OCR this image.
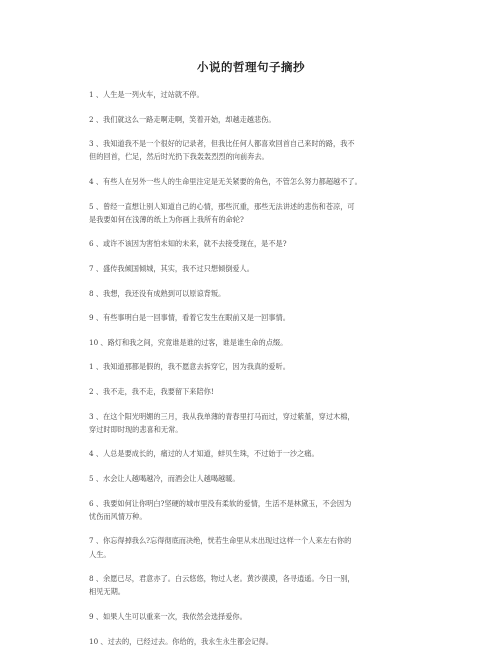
小说的哲理句子摘抄
1 、人生是一列火车，过站就不停。
2 、我们就这么一路走啊走啊，笑着开始，却越走越悲伤。
3 、我知道我不是一个很好的记录者，但我比任何人都喜欢回首自己来时的路，我不
但的回首，伫足，然后时光扔下我轰轰烈烈的向前奔去。
4 、有些人在另外一些人的生命里注定是无关紧要的角色，不管怎么努力都超越不了。
5 、曾经一直想让别人知道自己的心情，那些沉重，那些无法讲述的悲伤和苍凉，可
是我要如何在浅薄的纸上为你画上我所有的命轮?
6 、或许不该因为害怕未知的未来，就不去接受现在，是不是?
7 、盛传我倾国倾城，其实，我不过只想倾倒爱人。
8 、我想，我还没有成熟到可以原谅背叛。
9 、有些事明白是一回事情，看着它发生在眼前又是一回事情。
10 、路灯和我之间，究竟谁是谁的过客，谁是谁生命的点缀。
1 、我知道那都是假的，我不愿意去拆穿它，因为我真的爱听。
2 、我不走，我不走，我要留下来陪你!
3 、在这个阳光明媚的三月，我从我单薄的青春里打马而过，穿过紫堇，穿过木棉，
穿过时即时现的悲喜和无常。
4 、人总是要成长的，痛过的人才知道，蚌贝生珠，不过始于一沙之痛。
5 、水会让人越喝越冷，而酒会让人越喝越暖。
6 、我要如何让你明白?坚硬的城市里没有柔软的爱情，生活不是林黛玉，不会因为
忧伤而风情万种。
7 、你忘得掉我么?忘得彻底而决绝，恍若生命里从未出现过这样一个人来左右你的
人生。
8 、余愿已尽，君意亦了。白云悠悠，物过人老。黄沙漠漠，各寻逍遥。今日一别，
相见无期。
9 、如果人生可以重来一次，我依然会选择爱你。
10 、过去的，已经过去。你给的，我永生永生都会记得。
